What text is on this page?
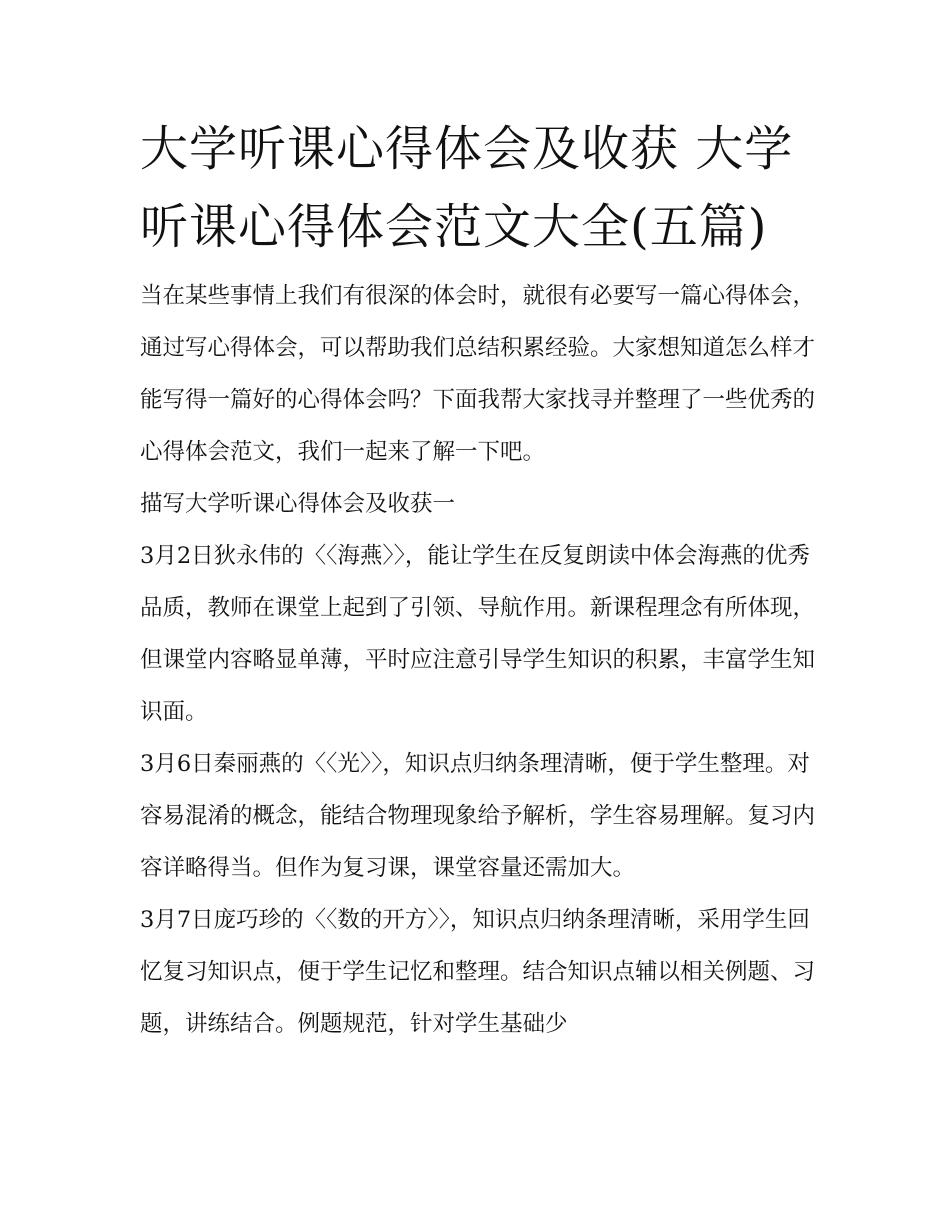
大学听课心得体会及收获 大学听课心得体会范文大全(五篇)

当在某些事情上我们有很深的体会时，就很有必要写一篇心得体会，通过写心得体会，可以帮助我们总结积累经验。大家想知道怎么样才能写得一篇好的心得体会吗？下面我帮大家找寻并整理了一些优秀的心得体会范文，我们一起来了解一下吧。

描写大学听课心得体会及收获一

3月2日狄永伟的〈〈海燕〉〉，能让学生在反复朗读中体会海燕的优秀品质，教师在课堂上起到了引领、导航作用。新课程理念有所体现，但课堂内容略显单薄，平时应注意引导学生知识的积累，丰富学生知识面。

3月6日秦丽燕的〈〈光〉〉，知识点归纳条理清晰，便于学生整理。对容易混淆的概念，能结合物理现象给予解析，学生容易理解。复习内容详略得当。但作为复习课，课堂容量还需加大。

3月7日庞巧珍的〈〈数的开方〉〉，知识点归纳条理清晰，采用学生回忆复习知识点，便于学生记忆和整理。结合知识点辅以相关例题、习题，讲练结合。例题规范，针对学生基础少
